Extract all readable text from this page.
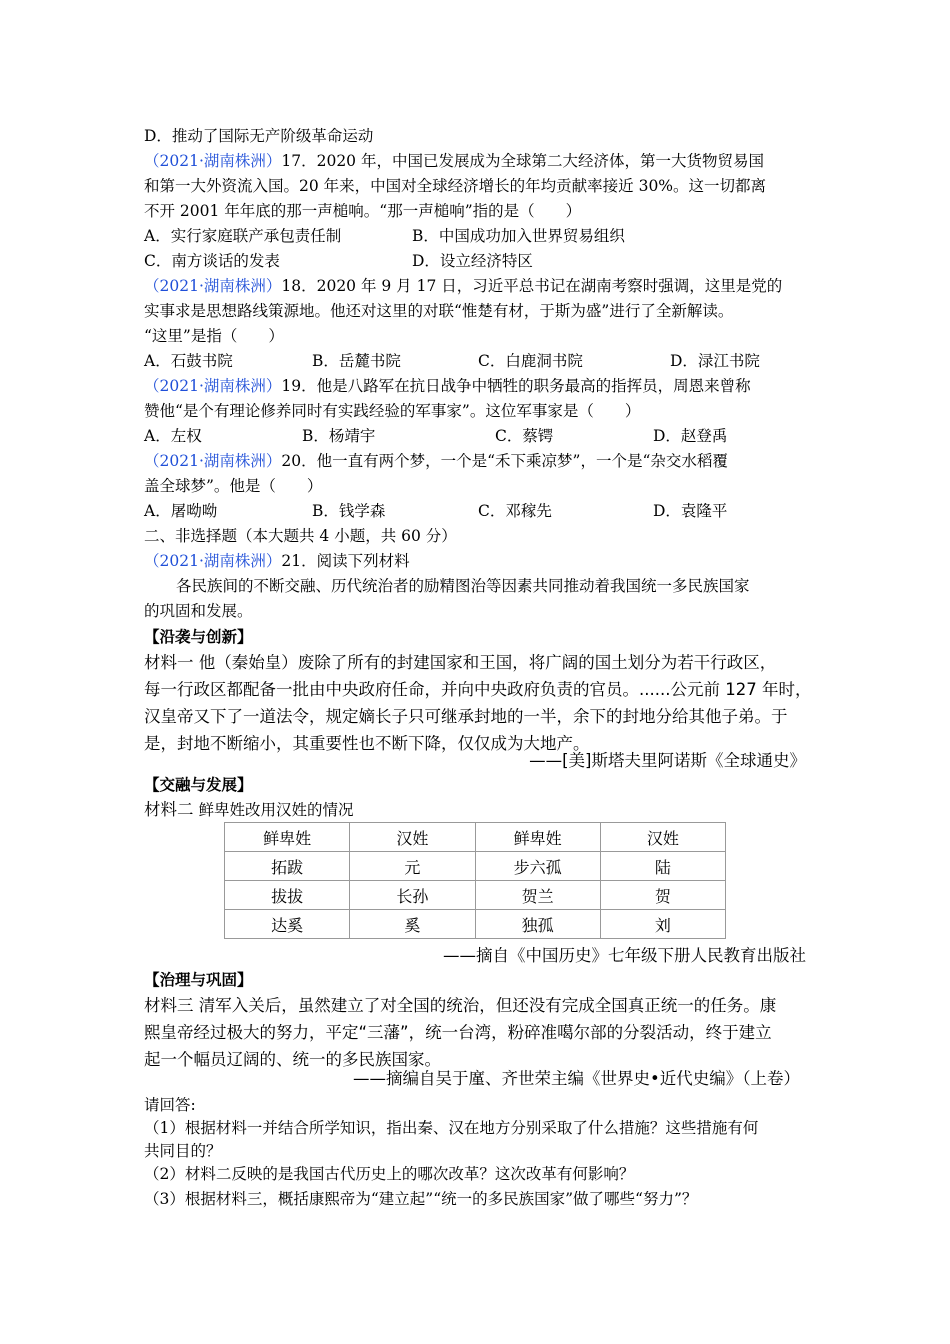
D．推动了国际无产阶级革命运动
（2021·湖南株洲）17．2020 年，中国已发展成为全球第二大经济体，第一大货物贸易国
和第一大外资流入国。20 年来，中国对全球经济增长的年均贡献率接近 30%。这一切都离
不开 2001 年年底的那一声槌响。“那一声槌响”指的是（　　）
A．实行家庭联产承包责任制	B．中国成功加入世界贸易组织
C．南方谈话的发表	D．设立经济特区
（2021·湖南株洲）18．2020 年 9 月 17 日，习近平总书记在湖南考察时强调，这里是党的
实事求是思想路线策源地。他还对这里的对联“惟楚有材，于斯为盛”进行了全新解读。
“这里”是指（　　）
A．石鼓书院	B．岳麓书院	C．白鹿洞书院	D．渌江书院
（2021·湖南株洲）19．他是八路军在抗日战争中牺牲的职务最高的指挥员，周恩来曾称
赞他“是个有理论修养同时有实践经验的军事家”。这位军事家是（　　）
A．左权	B．杨靖宇	C．蔡锷	D．赵登禹
（2021·湖南株洲）20．他一直有两个梦，一个是“禾下乘凉梦”，一个是“杂交水稻覆
盖全球梦”。他是（　　）
A．屠呦呦	B．钱学森	C．邓稼先	D．袁隆平
二、非选择题（本大题共 4 小题，共 60 分）
（2021·湖南株洲）21．阅读下列材料
各民族间的不断交融、历代统治者的励精图治等因素共同推动着我国统一多民族国家
的巩固和发展。
【沿袭与创新】
材料一 他（秦始皇）废除了所有的封建国家和王国，将广阔的国土划分为若干行政区，
每一行政区都配备一批由中央政府任命，并向中央政府负责的官员。......公元前 127 年时，
汉皇帝又下了一道法令，规定嫡长子只可继承封地的一半，余下的封地分给其他子弟。于
是，封地不断缩小，其重要性也不断下降，仅仅成为大地产。
——[美]斯塔夫里阿诺斯《全球通史》
【交融与发展】
材料二 鲜卑姓改用汉姓的情况
鲜卑姓	汉姓	鲜卑姓	汉姓
拓跋	元	步六孤	陆
拔拔	长孙	贺兰	贺
达奚	奚	独孤	刘
——摘自《中国历史》七年级下册人民教育出版社
【治理与巩固】
材料三 清军入关后，虽然建立了对全国的统治，但还没有完成全国真正统一的任务。康
熙皇帝经过极大的努力，平定“三藩”，统一台湾，粉碎准噶尔部的分裂活动，终于建立
起一个幅员辽阔的、统一的多民族国家。
——摘编自吴于廑、齐世荣主编《世界史•近代史编》（上卷）
请回答:
（1）根据材料一并结合所学知识，指出秦、汉在地方分别采取了什么措施？这些措施有何
共同目的？
（2）材料二反映的是我国古代历史上的哪次改革？这次改革有何影响？
（3）根据材料三，概括康熙帝为“建立起”“统一的多民族国家”做了哪些“努力”？
